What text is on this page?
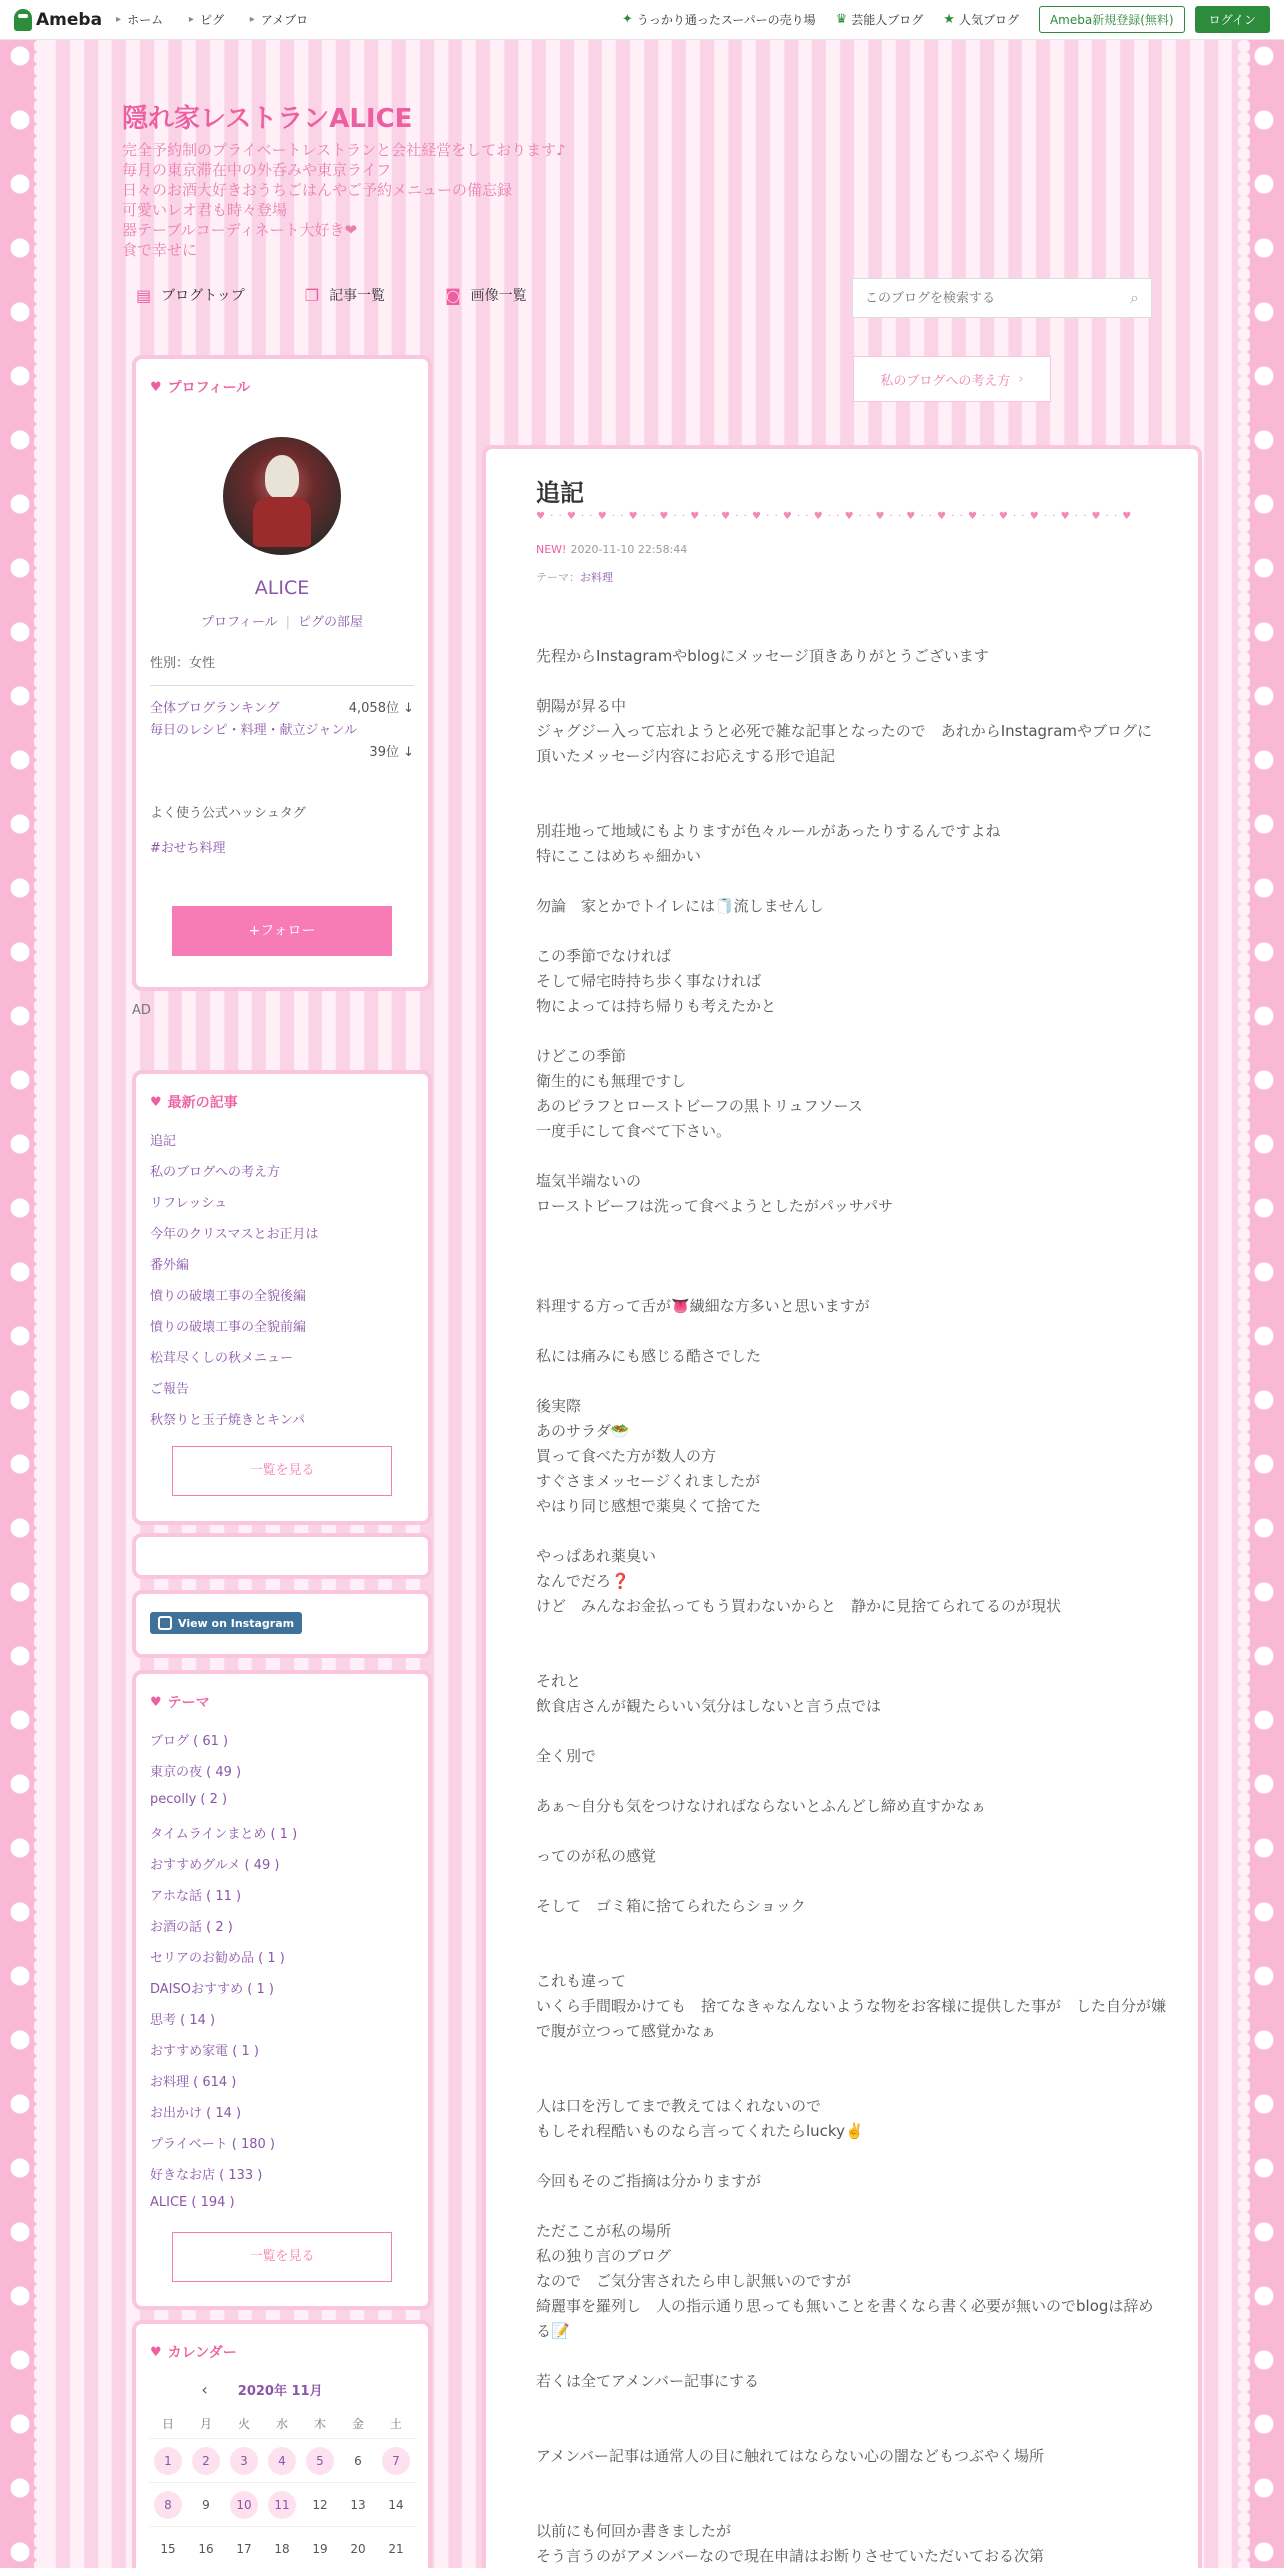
Ameba ▸ ホーム
	▸ ピグ
	▸ アメブロ	✦ うっかり通ったスーパーの売り場 ♛ 芸能人ブログ ★ 人気ブログ	Ameba新規登録(無料)	ログイン
隠れ家レストランALICE
完全予約制のプライベートレストランと会社経営をしております♪
毎月の東京滞在中の外呑みや東京ライフ
日々のお酒大好きおうちごはんやご予約メニューの備忘録
可愛いレオ君も時々登場
器テーブルコーディネート大好き❤
食で幸せに
▤ ブログトップ	❐ 記事一覧	◙ 画像一覧
このブログを検索する	⌕
♥ プロフィール
ALICE
プロフィール | ピグの部屋
性別：女性
全体ブログランキング	4,058位 ↓
毎日のレシピ・料理・献立ジャンル
39位 ↓
よく使う公式ハッシュタグ
#おせち料理
+フォロー
AD
♥ 最新の記事
追記
私のブログへの考え方
リフレッシュ
今年のクリスマスとお正月は
番外編
憤りの破壊工事の全貌後編
憤りの破壊工事の全貌前編
松茸尽くしの秋メニュー
ご報告
秋祭りと玉子焼きとキンパ
一覧を見る
View on Instagram
♥ テーマ
ブログ ( 61 )
東京の夜 ( 49 )
pecolly ( 2 )
タイムラインまとめ ( 1 )
おすすめグルメ ( 49 )
アホな話 ( 11 )
お酒の話 ( 2 )
セリアのお勧め品 ( 1 )
DAISOおすすめ ( 1 )
思考 ( 14 )
おすすめ家電 ( 1 )
お料理 ( 614 )
お出かけ ( 14 )
プライベート ( 180 )
好きなお店 ( 133 )
ALICE ( 194 )
一覧を見る
♥ カレンダー
‹ 2020年 11月
日	月	火	水	木	金	土
1	2	3	4	5	6	7
8	9	10	11	12	13	14
15	16	17	18	19	20	21
私のブログへの考え方 ›
追記
♥ · · ♥ · · ♥ · · ♥ · · ♥ · · ♥ · · ♥ · · ♥ · · ♥ · · ♥ · · ♥ · · ♥ · · ♥ · · ♥ · · ♥ · · ♥ · · ♥ · · ♥ · · ♥ · · ♥
NEW! 2020-11-10 22:58:44
テーマ：お料理
先程からInstagramやblogにメッセージ頂きありがとうございます

朝陽が昇る中
ジャグジー入って忘れようと必死で雑な記事となったので　あれからInstagramやブログに頂いたメッセージ内容にお応えする形で追記

別荘地って地域にもよりますが色々ルールがあったりするんですよね
特にここはめちゃ細かい

勿論　家とかでトイレには🧻流しませんし

この季節でなければ
そして帰宅時持ち歩く事なければ
物によっては持ち帰りも考えたかと

けどこの季節
衛生的にも無理ですし
あのピラフとローストビーフの黒トリュフソース
一度手にして食べて下さい。

塩気半端ないの
ローストビーフは洗って食べようとしたがパッサパサ

料理する方って舌が👅繊細な方多いと思いますが

私には痛みにも感じる酷さでした

後実際
あのサラダ🥗
買って食べた方が数人の方
すぐさまメッセージくれましたが
やはり同じ感想で薬臭くて捨てた

やっぱあれ薬臭い
なんでだろ❓
けど　みんなお金払ってもう買わないからと　静かに見捨てられてるのが現状

それと
飲食店さんが観たらいい気分はしないと言う点では

全く別で

あぁ〜自分も気をつけなければならないとふんどし締め直すかなぁ

ってのが私の感覚

そして　ゴミ箱に捨てられたらショック

これも違って
いくら手間暇かけても　捨てなきゃなんないような物をお客様に提供した事が　した自分が嫌で腹が立つって感覚かなぁ

人は口を汚してまで教えてはくれないので
もしそれ程酷いものなら言ってくれたらlucky✌️

今回もそのご指摘は分かりますが

ただここが私の場所
私の独り言のブログ
なので　ご気分害されたら申し訳無いのですが
綺麗事を羅列し　人の指示通り思っても無いことを書くなら書く必要が無いのでblogは辞める📝

若くは全てアメンバー記事にする

アメンバー記事は通常人の目に触れてはならない心の闇などもつぶやく場所

以前にも何回か書きましたが
そう言うのがアメンバーなので現在申請はお断りさせていただいておる次第
